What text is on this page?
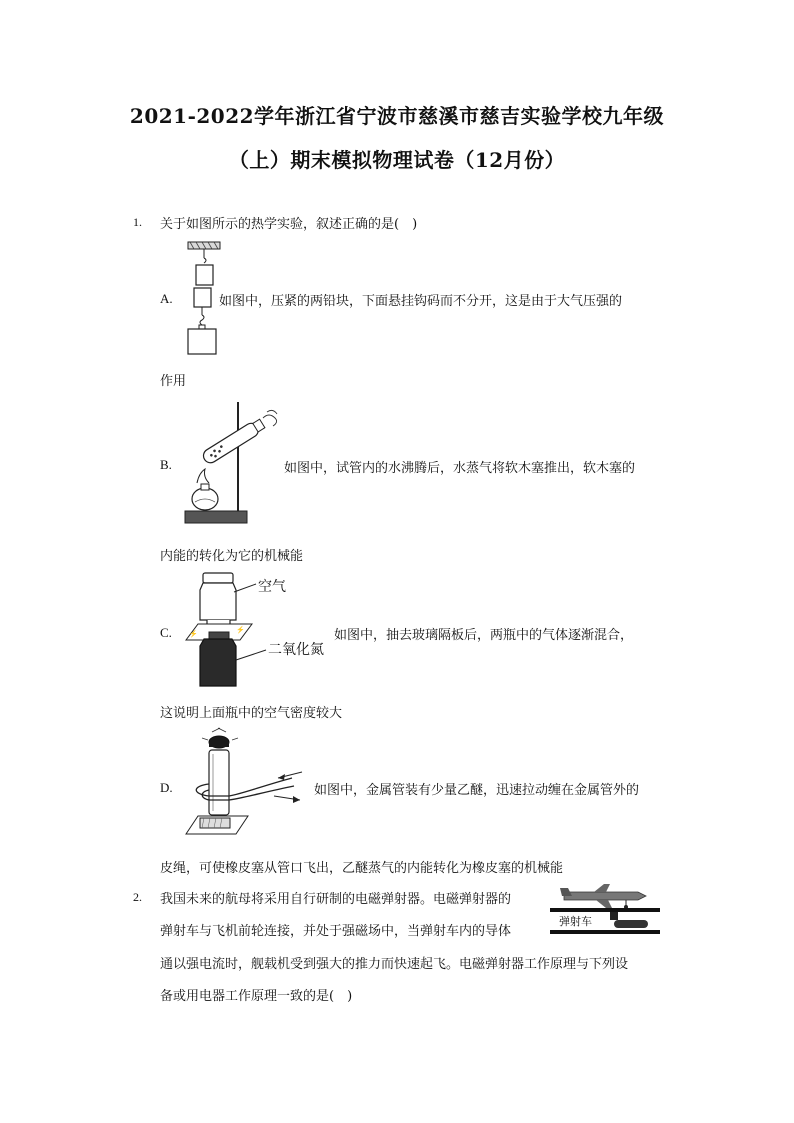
2021-2022学年浙江省宁波市慈溪市慈吉实验学校九年级
（上）期末模拟物理试卷（12月份）
1. 关于如图所示的热学实验，叙述正确的是(　)
A.	如图中，压紧的两铅块，下面悬挂钩码而不分开，这是由于大气压强的
作用
B.	如图中，试管内的水沸腾后，水蒸气将软木塞推出，软木塞的
内能的转化为它的机械能
⚡	⚡
空气
二氧化氮
C.	如图中，抽去玻璃隔板后，两瓶中的气体逐渐混合，
这说明上面瓶中的空气密度较大
D.	如图中，金属管装有少量乙醚，迅速拉动缠在金属管外的
皮绳，可使橡皮塞从管口飞出，乙醚蒸气的内能转化为橡皮塞的机械能
2. 我国未来的航母将采用自行研制的电磁弹射器。电磁弹射器的
弹射车与飞机前轮连接，并处于强磁场中，当弹射车内的导体
通以强电流时，舰载机受到强大的推力而快速起飞。电磁弹射器工作原理与下列设
备或用电器工作原理一致的是(　)
弹射车
